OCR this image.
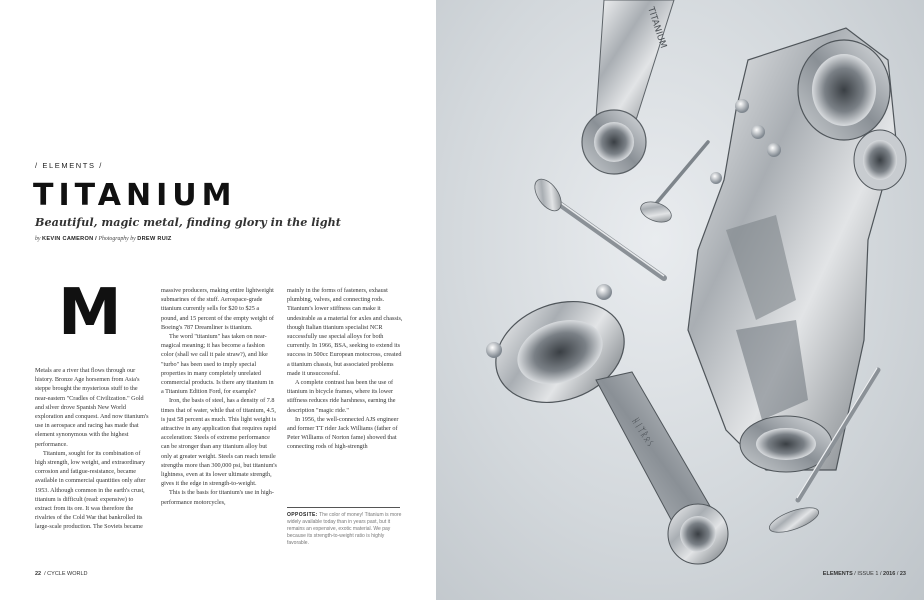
/ ELEMENTS /
TITANIUM
Beautiful, magic metal, finding glory in the light
by KEVIN CAMERON / Photography by DREW RUIZ
M

Metals are a river that flows through our history. Bronze Age horsemen from Asia's steppe brought the mysterious stuff to the near-eastern "Cradles of Civilization." Gold and silver drove Spanish New World exploration and conquest. And now titanium's use in aerospace and racing has made that element synonymous with the highest performance.

Titanium, sought for its combination of high strength, low weight, and extraordinary corrosion and fatigue-resistance, became available in commercial quantities only after 1953. Although common in the earth's crust, titanium is difficult (read: expensive) to extract from its ore. It was therefore the rivalries of the Cold War that bankrolled its large-scale production. The Soviets became

massive producers, making entire lightweight submarines of the stuff. Aerospace-grade titanium currently sells for $20 to $25 a pound, and 15 percent of the empty weight of Boeing's 787 Dreamliner is titanium.

The word "titanium" has taken on near-magical meaning; it has become a fashion color (shall we call it pale straw?), and like "turbo" has been used to imply special properties in many completely unrelated commercial products. Is there any titanium in a Titanium Edition Ford, for example?

Iron, the basis of steel, has a density of 7.8 times that of water, while that of titanium, 4.5, is just 58 percent as much. This light weight is attractive in any application that requires rapid acceleration: Steels of extreme performance can be stronger than any titanium alloy but only at greater weight. Steels can reach tensile strengths more than 300,000 psi, but titanium's lightness, even at its lower ultimate strength, gives it the edge in strength-to-weight.

This is the basis for titanium's use in high-performance motorcycles,

mainly in the forms of fasteners, exhaust plumbing, valves, and connecting rods. Titanium's lower stiffness can make it undesirable as a material for axles and chassis, though Italian titanium specialist NCR successfully use special alloys for both currently. In 1966, BSA, seeking to extend its success in 500cc European motocross, created a titanium chassis, but associated problems made it unsuccessful.

A complete contrast has been the use of titanium in bicycle frames, where its lower stiffness reduces ride harshness, earning the description "magic ride."

In 1956, the well-connected AJS engineer and former TT rider Jack Williams (father of Peter Williams of Norton fame) showed that connecting rods of high-strength

OPPOSITE: The color of money! Titanium is more widely available today than in years past, but it remains an expensive, exotic material. We pay because its strength-to-weight ratio is highly favorable.
22 / CYCLE WORLD
TITANIUM
ᚺᛁᛉᚱᛟᛊ
ELEMENTS / ISSUE 1 / 2016 / 23
